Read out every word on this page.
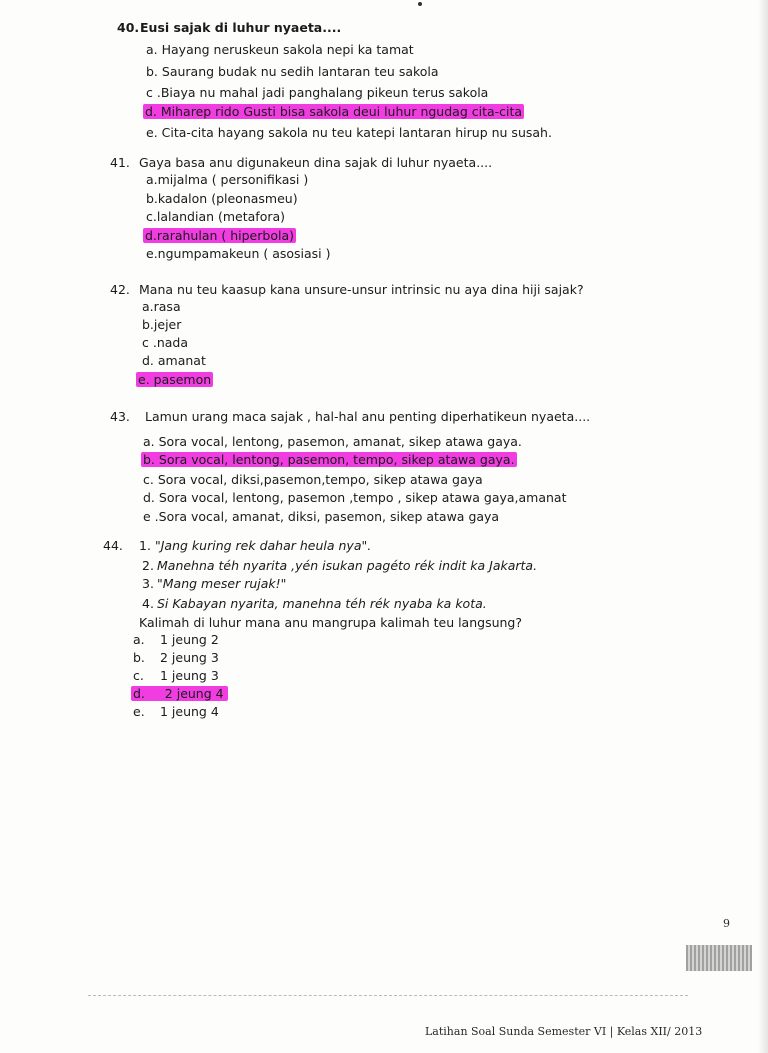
40. Eusi sajak di luhur nyaeta....
a. Hayang neruskeun sakola nepi ka tamat
b. Saurang budak nu sedih lantaran teu sakola
c .Biaya nu mahal jadi panghalang pikeun terus sakola
d. Miharep rido Gusti bisa sakola deui luhur ngudag cita-cita
e. Cita-cita hayang sakola nu teu katepi lantaran hirup nu susah.
41. Gaya basa anu digunakeun dina sajak di luhur nyaeta....
a.mijalma ( personifikasi )
b.kadalon (pleonasmeu)
c.lalandian (metafora)
d.rarahulan ( hiperbola)
e.ngumpamakeun ( asosiasi )
42. Mana nu teu kaasup kana unsure-unsur intrinsic nu aya dina hiji sajak?
a.rasa
b.jejer
c .nada
d. amanat
e. pasemon
43. Lamun urang maca sajak , hal-hal anu penting diperhatikeun nyaeta....
a. Sora vocal, lentong, pasemon, amanat, sikep atawa gaya.
b. Sora vocal, lentong, pasemon, tempo, sikep atawa gaya.
c. Sora vocal, diksi,pasemon,tempo, sikep atawa gaya
d. Sora vocal, lentong, pasemon ,tempo , sikep atawa gaya,amanat
e .Sora vocal, amanat, diksi, pasemon, sikep atawa gaya
44. 1. "Jang kuring rek dahar heula nya".
2. Manehna téh nyarita ,yén isukan pagéto rék indit ka Jakarta.
3. "Mang meser rujak!"
4. Si Kabayan nyarita, manehna téh rék nyaba ka kota.
Kalimah di luhur mana anu mangrupa kalimah teu langsung?
a. 1 jeung 2
b. 2 jeung 3
c. 1 jeung 3
d. 2 jeung 4
e. 1 jeung 4
9
Latihan Soal Sunda Semester VI | Kelas XII/ 2013
